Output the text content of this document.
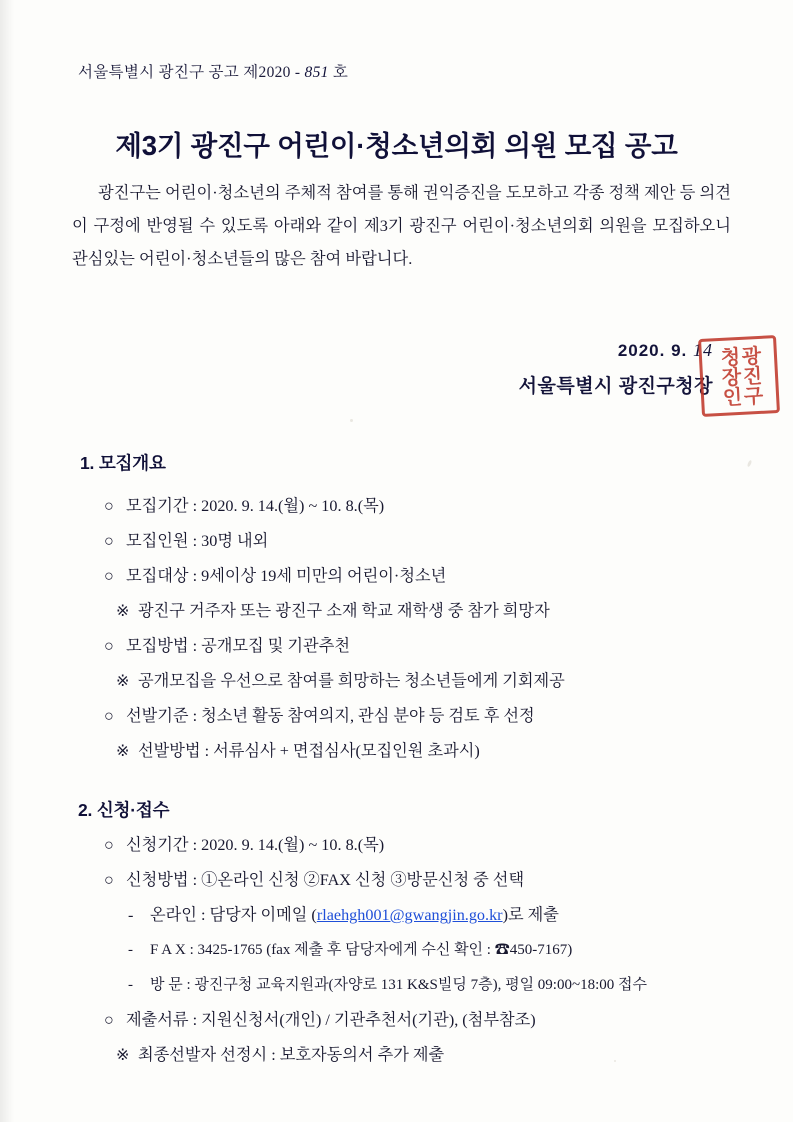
서울특별시 광진구 공고 제2020 - 851 호
제3기 광진구 어린이·청소년의회 의원 모집 공고
광진구는 어린이·청소년의 주체적 참여를 통해 권익증진을 도모하고 각종 정책 제안 등 의견이 구정에 반영될 수 있도록 아래와 같이 제3기 광진구 어린이·청소년의회 의원을 모집하오니 관심있는 어린이·청소년들의 많은 참여 바랍니다.
2020. 9. 14
서울특별시 광진구청장	광진구청장인
1. 모집개요
○ 모집기간 : 2020. 9. 14.(월) ~ 10. 8.(목)
○ 모집인원 : 30명 내외
○ 모집대상 : 9세이상 19세 미만의 어린이·청소년
※ 광진구 거주자 또는 광진구 소재 학교 재학생 중 참가 희망자
○ 모집방법 : 공개모집 및 기관추천
※ 공개모집을 우선으로 참여를 희망하는 청소년들에게 기회제공
○ 선발기준 : 청소년 활동 참여의지, 관심 분야 등 검토 후 선정
※ 선발방법 : 서류심사 + 면접심사(모집인원 초과시)
2. 신청·접수
○ 신청기간 : 2020. 9. 14.(월) ~ 10. 8.(목)
○ 신청방법 : ①온라인 신청 ②FAX 신청 ③방문신청 중 선택
- 온라인 : 담당자 이메일 (rlaehgh001@gwangjin.go.kr)로 제출
- F A X : 3425-1765 (fax 제출 후 담당자에게 수신 확인 : ☎450-7167)
- 방 문 : 광진구청 교육지원과(자양로 131 K&S빌딩 7층), 평일 09:00~18:00 접수
○ 제출서류 : 지원신청서(개인) / 기관추천서(기관), (첨부참조)
※ 최종선발자 선정시 : 보호자동의서 추가 제출
